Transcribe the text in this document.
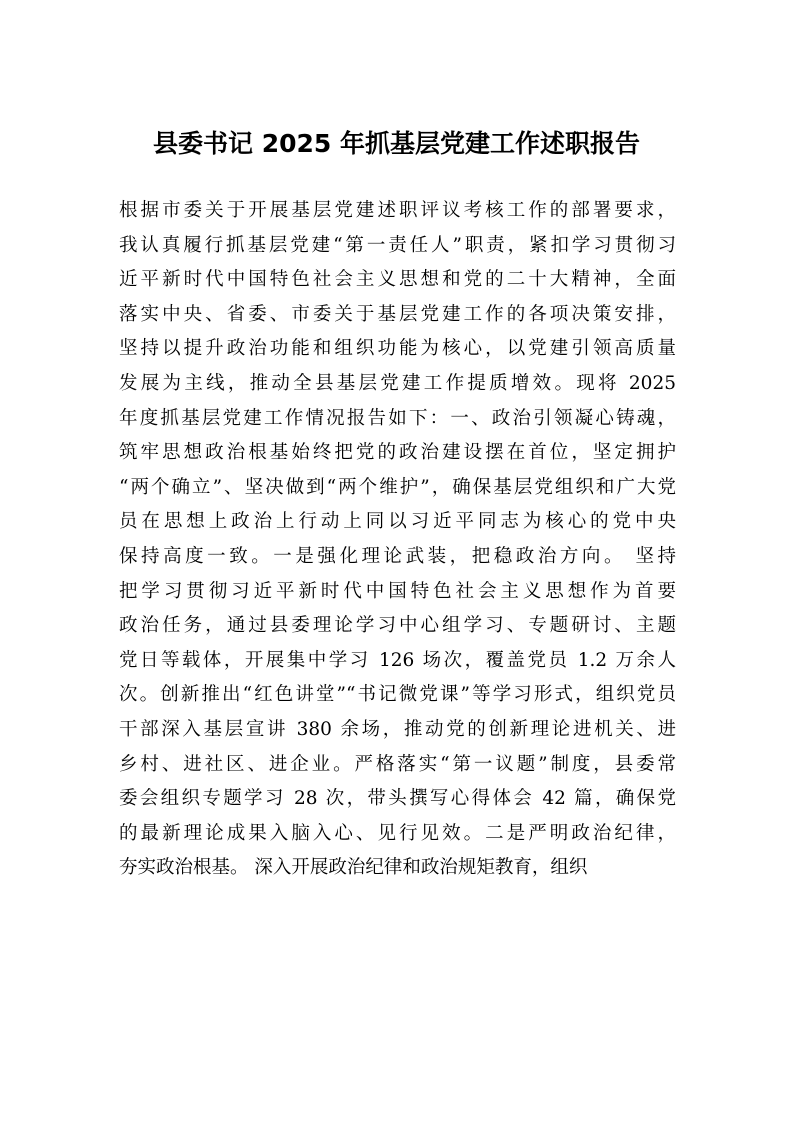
县委书记 2025 年抓基层党建工作述职报告
根据市委关于开展基层党建述职评议考核工作的部署要求，
我认真履行抓基层党建“第一责任人”职责，紧扣学习贯彻习
近平新时代中国特色社会主义思想和党的二十大精神，全面
落实中央、省委、市委关于基层党建工作的各项决策安排，
坚持以提升政治功能和组织功能为核心，以党建引领高质量
发展为主线，推动全县基层党建工作提质增效。现将 2025
年度抓基层党建工作情况报告如下：一、政治引领凝心铸魂，
筑牢思想政治根基始终把党的政治建设摆在首位，坚定拥护
“两个确立”、坚决做到“两个维护”，确保基层党组织和广大党
员在思想上政治上行动上同以习近平同志为核心的党中央
保持高度一致。一是强化理论武装，把稳政治方向。 坚持
把学习贯彻习近平新时代中国特色社会主义思想作为首要
政治任务，通过县委理论学习中心组学习、专题研讨、主题
党日等载体，开展集中学习 126 场次，覆盖党员 1.2 万余人
次。创新推出“红色讲堂”“书记微党课”等学习形式，组织党员
干部深入基层宣讲 380 余场，推动党的创新理论进机关、进
乡村、进社区、进企业。严格落实“第一议题”制度，县委常
委会组织专题学习 28 次，带头撰写心得体会 42 篇，确保党
的最新理论成果入脑入心、见行见效。二是严明政治纪律，
夯实政治根基。 深入开展政治纪律和政治规矩教育，组织
